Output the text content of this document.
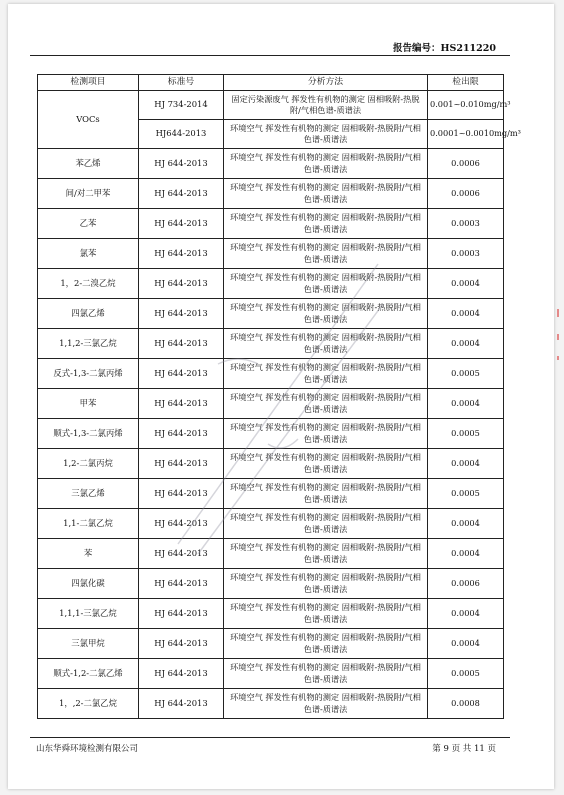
报告编号：HS211220
检测项目	标准号	分析方法	检出限
VOCs	HJ 734-2014	固定污染源废气 挥发性有机物的测定 固相吸附-热脱附/气相色谱-质谱法	0.001~0.010mg/m³
	HJ644-2013	环境空气 挥发性有机物的测定 固相吸附-热脱附/气相色谱-质谱法	0.0001~0.0010mg/m³
苯乙烯	HJ 644-2013	环境空气 挥发性有机物的测定 固相吸附-热脱附/气相色谱-质谱法	0.0006
间/对二甲苯	HJ 644-2013	环境空气 挥发性有机物的测定 固相吸附-热脱附/气相色谱-质谱法	0.0006
乙苯	HJ 644-2013	环境空气 挥发性有机物的测定 固相吸附-热脱附/气相色谱-质谱法	0.0003
氯苯	HJ 644-2013	环境空气 挥发性有机物的测定 固相吸附-热脱附/气相色谱-质谱法	0.0003
1，2-二溴乙烷	HJ 644-2013	环境空气 挥发性有机物的测定 固相吸附-热脱附/气相色谱-质谱法	0.0004
四氯乙烯	HJ 644-2013	环境空气 挥发性有机物的测定 固相吸附-热脱附/气相色谱-质谱法	0.0004
1,1,2-三氯乙烷	HJ 644-2013	环境空气 挥发性有机物的测定 固相吸附-热脱附/气相色谱-质谱法	0.0004
反式-1,3-二氯丙烯	HJ 644-2013	环境空气 挥发性有机物的测定 固相吸附-热脱附/气相色谱-质谱法	0.0005
甲苯	HJ 644-2013	环境空气 挥发性有机物的测定 固相吸附-热脱附/气相色谱-质谱法	0.0004
顺式-1,3-二氯丙烯	HJ 644-2013	环境空气 挥发性有机物的测定 固相吸附-热脱附/气相色谱-质谱法	0.0005
1,2-二氯丙烷	HJ 644-2013	环境空气 挥发性有机物的测定 固相吸附-热脱附/气相色谱-质谱法	0.0004
三氯乙烯	HJ 644-2013	环境空气 挥发性有机物的测定 固相吸附-热脱附/气相色谱-质谱法	0.0005
1,1-二氯乙烷	HJ 644-2013	环境空气 挥发性有机物的测定 固相吸附-热脱附/气相色谱-质谱法	0.0004
苯	HJ 644-2013	环境空气 挥发性有机物的测定 固相吸附-热脱附/气相色谱-质谱法	0.0004
四氯化碳	HJ 644-2013	环境空气 挥发性有机物的测定 固相吸附-热脱附/气相色谱-质谱法	0.0006
1,1,1-三氯乙烷	HJ 644-2013	环境空气 挥发性有机物的测定 固相吸附-热脱附/气相色谱-质谱法	0.0004
三氯甲烷	HJ 644-2013	环境空气 挥发性有机物的测定 固相吸附-热脱附/气相色谱-质谱法	0.0004
顺式-1,2-二氯乙烯	HJ 644-2013	环境空气 挥发性有机物的测定 固相吸附-热脱附/气相色谱-质谱法	0.0005
1，,2-二氯乙烷	HJ 644-2013	环境空气 挥发性有机物的测定 固相吸附-热脱附/气相色谱-质谱法	0.0008
山东华舜环境检测有限公司	第 9 页 共 11 页
